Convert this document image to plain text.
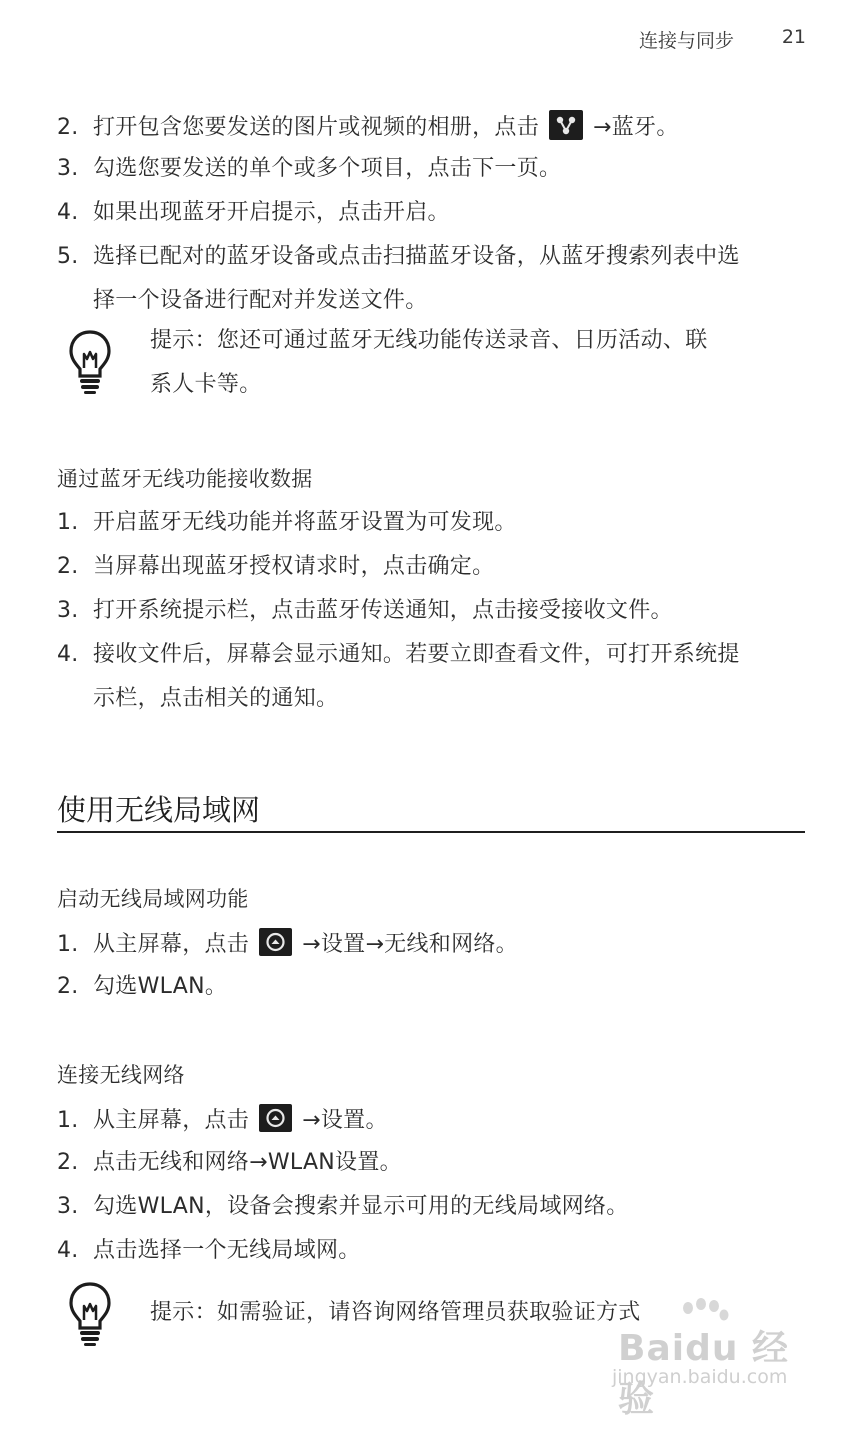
连接与同步	21
2. 打开包含您要发送的图片或视频的相册，点击 →蓝牙。
3. 勾选您要发送的单个或多个项目，点击下一页。
4. 如果出现蓝牙开启提示，点击开启。
5. 选择已配对的蓝牙设备或点击扫描蓝牙设备，从蓝牙搜索列表中选
择一个设备进行配对并发送文件。
提示：您还可通过蓝牙无线功能传送录音、日历活动、联
系人卡等。
通过蓝牙无线功能接收数据
1. 开启蓝牙无线功能并将蓝牙设置为可发现。
2. 当屏幕出现蓝牙授权请求时，点击确定。
3. 打开系统提示栏，点击蓝牙传送通知，点击接受接收文件。
4. 接收文件后，屏幕会显示通知。若要立即查看文件，可打开系统提
示栏，点击相关的通知。
使用无线局域网
启动无线局域网功能
1. 从主屏幕，点击 →设置→无线和网络。
2. 勾选WLAN。
连接无线网络
1. 从主屏幕，点击 →设置。
2. 点击无线和网络→WLAN设置。
3. 勾选WLAN，设备会搜索并显示可用的无线局域网络。
4. 点击选择一个无线局域网。
提示：如需验证，请咨询网络管理员获取验证方式
Baidu 经验
jingyan.baidu.com
